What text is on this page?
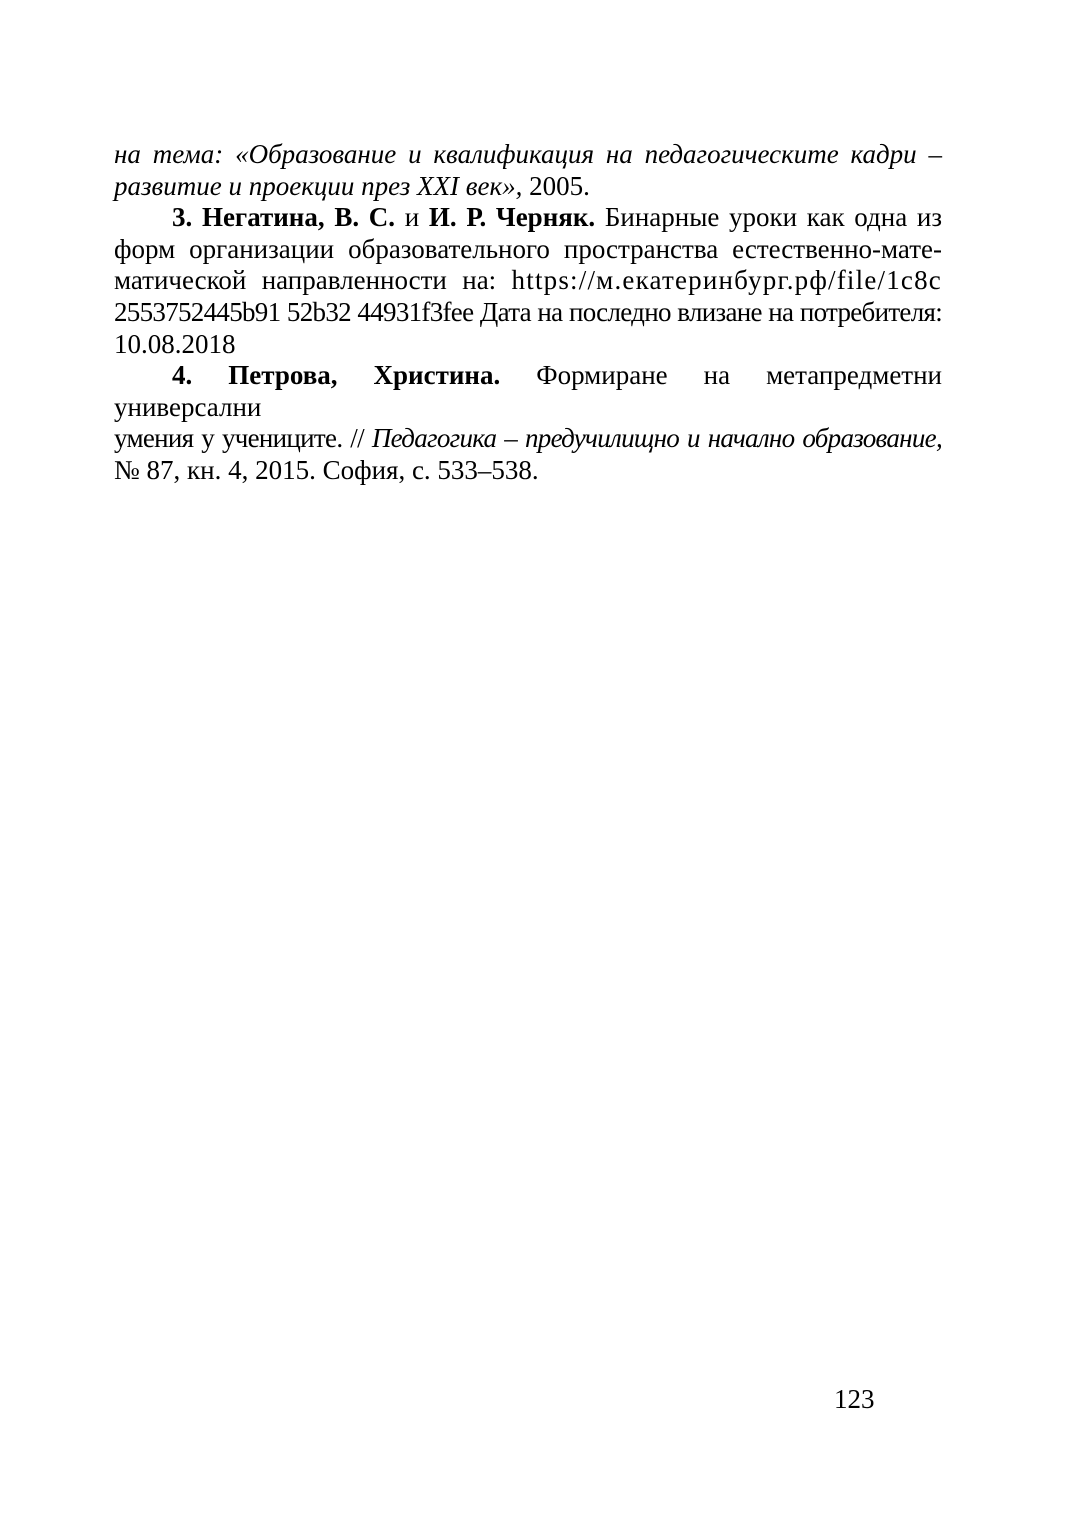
на тема: «Образование и квалификация на педагогическите кадри –

развитие и проекции през XXI век», 2005.

3. Негатина, В. С. и И. Р. Черняк. Бинарные уроки как одна из

форм организации образовательного пространства естественно-мате-

матической направленности на: https://м.екатеринбург.рф/file/1c8c

2553752445b91 52b32 44931f3fee Дата на последно влизане на потребителя:

10.08.2018

4. Петрова, Христина. Формиране на метапредметни универсални

умения у учениците. // Педагогика – предучилищно и начално образование,

№ 87, кн. 4, 2015. София, с. 533–538.

123
